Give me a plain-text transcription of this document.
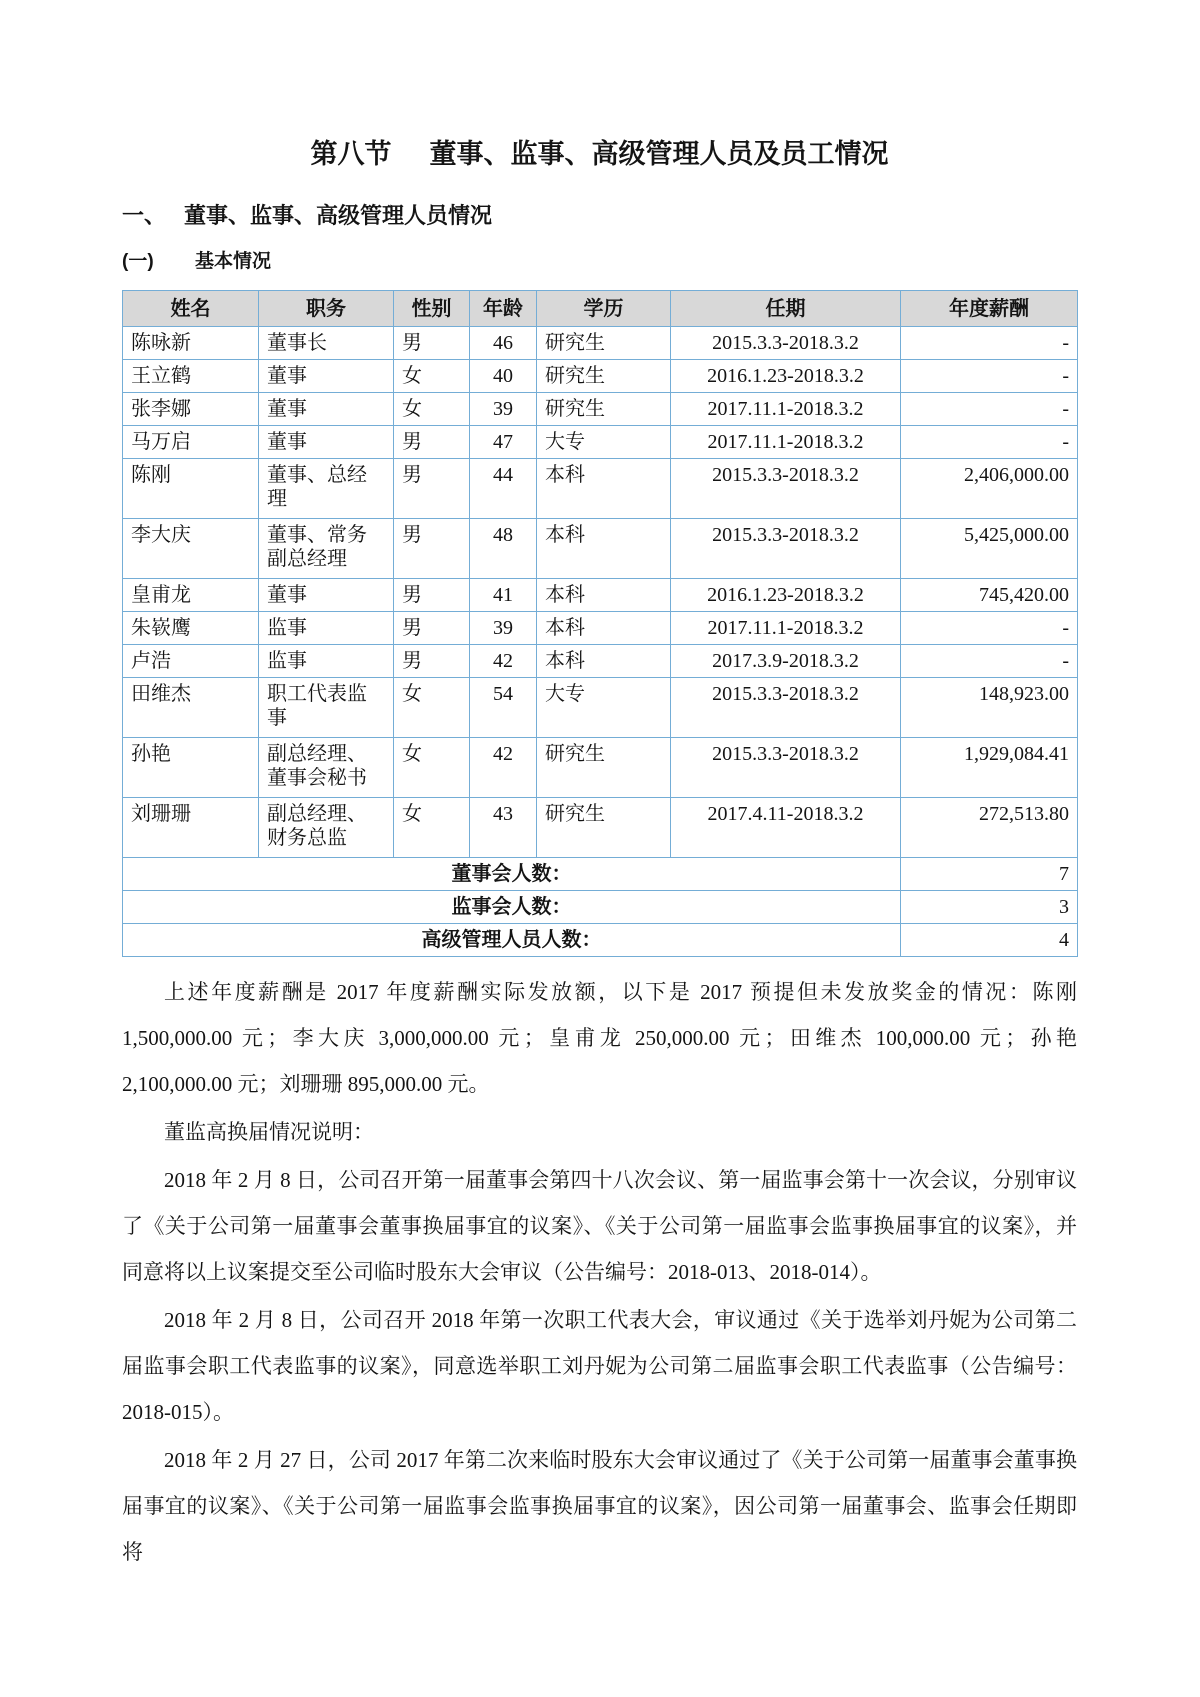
第八节 董事、监事、高级管理人员及员工情况
一、 董事、监事、高级管理人员情况
(一)	基本情况
姓名	职务	性别	年龄	学历	任期	年度薪酬
陈咏新	董事长	男	46	研究生	2015.3.3-2018.3.2	-
王立鹤	董事	女	40	研究生	2016.1.23-2018.3.2	-
张李娜	董事	女	39	研究生	2017.11.1-2018.3.2	-
马万启	董事	男	47	大专	2017.11.1-2018.3.2	-
陈刚	董事、总经理	男	44	本科	2015.3.3-2018.3.2	2,406,000.00
李大庆	董事、常务副总经理	男	48	本科	2015.3.3-2018.3.2	5,425,000.00
皇甫龙	董事	男	41	本科	2016.1.23-2018.3.2	745,420.00
朱嵚鹰	监事	男	39	本科	2017.11.1-2018.3.2	-
卢浩	监事	男	42	本科	2017.3.9-2018.3.2	-
田维杰	职工代表监事	女	54	大专	2015.3.3-2018.3.2	148,923.00
孙艳	副总经理、董事会秘书	女	42	研究生	2015.3.3-2018.3.2	1,929,084.41
刘珊珊	副总经理、财务总监	女	43	研究生	2017.4.11-2018.3.2	272,513.80
董事会人数：						7
监事会人数：						3
高级管理人员人数：						4

上述年度薪酬是 2017 年度薪酬实际发放额，以下是 2017 预提但未发放奖金的情况：陈刚 1,500,000.00 元；李大庆 3,000,000.00 元；皇甫龙 250,000.00 元；田维杰 100,000.00 元；孙艳 2,100,000.00 元；刘珊珊 895,000.00 元。

董监高换届情况说明：

2018 年 2 月 8 日，公司召开第一届董事会第四十八次会议、第一届监事会第十一次会议，分别审议了《关于公司第一届董事会董事换届事宜的议案》、《关于公司第一届监事会监事换届事宜的议案》，并同意将以上议案提交至公司临时股东大会审议（公告编号：2018-013、2018-014）。

2018 年 2 月 8 日，公司召开 2018 年第一次职工代表大会，审议通过《关于选举刘丹妮为公司第二届监事会职工代表监事的议案》，同意选举职工刘丹妮为公司第二届监事会职工代表监事（公告编号：2018-015）。

2018 年 2 月 27 日，公司 2017 年第二次来临时股东大会审议通过了《关于公司第一届董事会董事换届事宜的议案》、《关于公司第一届监事会监事换届事宜的议案》，因公司第一届董事会、监事会任期即将
